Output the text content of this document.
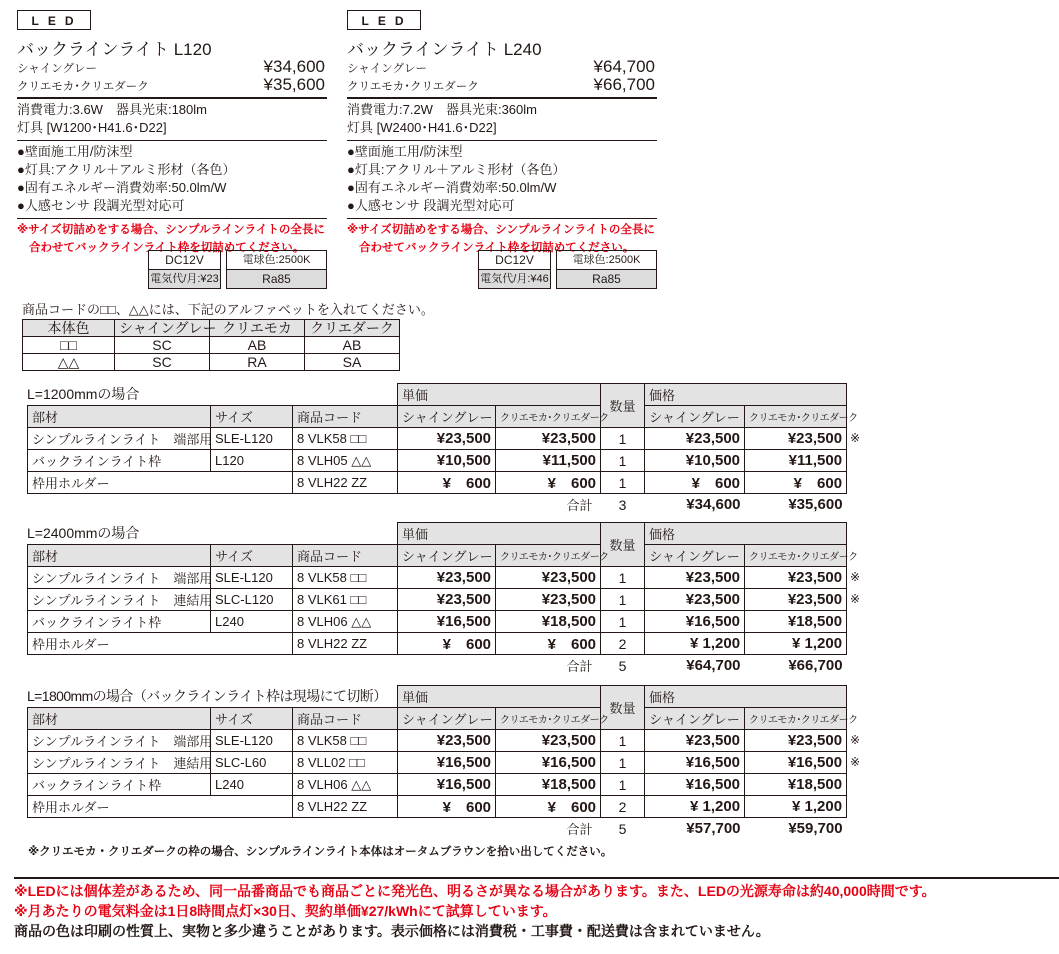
LED
バックラインライト L120
シャイングレー	¥34,600
クリエモカ･クリエダーク	¥35,600
消費電力:3.6W　器具光束:180lm
灯具 [W1200･H41.6･D22]
●壁面施工用/防沫型
●灯具:アクリル＋アルミ形材（各色）
●固有エネルギー消費効率:50.0lm/W
●人感センサ 段調光型対応可
※サイズ切詰めをする場合、シンプルラインライトの全長に
合わせてバックラインライト枠を切詰めてください。
DC12V
電気代/月:¥23
電球色:2500K
Ra85
LED
バックラインライト L240
シャイングレー	¥64,700
クリエモカ･クリエダーク	¥66,700
消費電力:7.2W　器具光束:360lm
灯具 [W2400･H41.6･D22]
●壁面施工用/防沫型
●灯具:アクリル＋アルミ形材（各色）
●固有エネルギー消費効率:50.0lm/W
●人感センサ 段調光型対応可
※サイズ切詰めをする場合、シンプルラインライトの全長に
合わせてバックラインライト枠を切詰めてください。
DC12V
電気代/月:¥46
電球色:2500K
Ra85
商品コードの□□、△△には、下記のアルファベットを入れてください。
本体色	シャイングレー	クリエモカ	クリエダーク
□□	SC	AB	AB
△△	SC	RA	SA
※
			単価		数量	価格	
部材	サイズ	商品コード	シャイングレー	クリエモカ･クリエダーク		シャイングレー	クリエモカ･クリエダーク
シンプルラインライト　端部用	SLE-L120	8 VLK58 □□	¥23,500	¥23,500	1	¥23,500	¥23,500
バックラインライト枠	L120	8 VLH05 △△	¥10,500	¥11,500	1	¥10,500	¥11,500
枠用ホルダー		8 VLH22 ZZ	¥　600	¥　600	1	¥　600	¥　600
				合計	3	¥34,600	¥35,600
L=1200mmの場合
※
※
			単価		数量	価格	
部材	サイズ	商品コード	シャイングレー	クリエモカ･クリエダーク		シャイングレー	クリエモカ･クリエダーク
シンプルラインライト　端部用	SLE-L120	8 VLK58 □□	¥23,500	¥23,500	1	¥23,500	¥23,500
シンプルラインライト　連結用	SLC-L120	8 VLK61 □□	¥23,500	¥23,500	1	¥23,500	¥23,500
バックラインライト枠	L240	8 VLH06 △△	¥16,500	¥18,500	1	¥16,500	¥18,500
枠用ホルダー		8 VLH22 ZZ	¥　600	¥　600	2	¥ 1,200	¥ 1,200
				合計	5	¥64,700	¥66,700
L=2400mmの場合
※
※
			単価		数量	価格	
部材	サイズ	商品コード	シャイングレー	クリエモカ･クリエダーク		シャイングレー	クリエモカ･クリエダーク
シンプルラインライト　端部用	SLE-L120	8 VLK58 □□	¥23,500	¥23,500	1	¥23,500	¥23,500
シンプルラインライト　連結用	SLC-L60	8 VLL02 □□	¥16,500	¥16,500	1	¥16,500	¥16,500
バックラインライト枠	L240	8 VLH06 △△	¥16,500	¥18,500	1	¥16,500	¥18,500
枠用ホルダー		8 VLH22 ZZ	¥　600	¥　600	2	¥ 1,200	¥ 1,200
				合計	5	¥57,700	¥59,700
L=1800mmの場合（バックラインライト枠は現場にて切断）
※クリエモカ・クリエダークの枠の場合、シンプルラインライト本体はオータムブラウンを拾い出してください。
※LEDには個体差があるため、同一品番商品でも商品ごとに発光色、明るさが異なる場合があります。また、LEDの光源寿命は約40,000時間です。
※月あたりの電気料金は1日8時間点灯×30日、契約単価¥27/kWhにて試算しています。
商品の色は印刷の性質上、実物と多少違うことがあります。表示価格には消費税・工事費・配送費は含まれていません。
